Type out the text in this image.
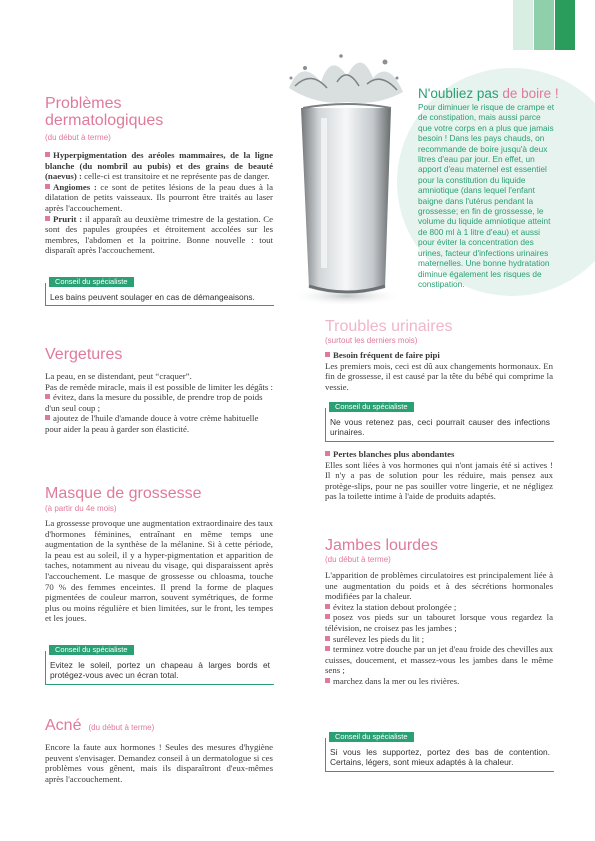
Problèmes
dermatologiques
(du début à terme)

Hyperpigmentation des aréoles mammaires, de la ligne blanche (du nombril au pubis) et des grains de beauté (naevus) : celle-ci est transitoire et ne représente pas de danger.

Angiomes : ce sont de petites lésions de la peau dues à la dilatation de petits vaisseaux. Ils pourront être traités au laser après l'accouchement.

Prurit : il apparaît au deuxième trimestre de la gestation. Ce sont des papules groupées et étroitement accolées sur les membres, l'abdomen et la poitrine. Bonne nouvelle : tout disparaît après l'accouchement.

Conseil du spécialiste
Les bains peuvent soulager en cas de démangeaisons.
Vergetures

La peau, en se distendant, peut “craquer”.

Pas de remède miracle, mais il est possible de limiter les dégâts :

évitez, dans la mesure du possible, de prendre trop de poids d'un seul coup ;

ajoutez de l'huile d'amande douce à votre crème habituelle pour aider la peau à garder son élasticité.

Masque de grossesse
(à partir du 4e mois)

La grossesse provoque une augmentation extraordinaire des taux d'hormones féminines, entraînant en même temps une augmentation de la synthèse de la mélanine. Si à cette période, la peau est au soleil, il y a hyper-pigmentation et apparition de taches, notamment au niveau du visage, qui disparaissent après l'accouchement. Le masque de grossesse ou chloasma, touche 70 % des femmes enceintes. Il prend la forme de plaques pigmentées de couleur marron, souvent symétriques, de forme plus ou moins régulière et bien limitées, sur le front, les tempes et les joues.

Conseil du spécialiste
Evitez le soleil, portez un chapeau à larges bords et protégez-vous avec un écran total.
Acné (du début à terme)

Encore la faute aux hormones ! Seules des mesures d'hygiène peuvent s'envisager. Demandez conseil à un dermatologue si ces problèmes vous gênent, mais ils disparaîtront d'eux-mêmes après l'accouchement.

N'oubliez pas de boire !
Pour diminuer le risque de crampe et de constipation, mais aussi parce que votre corps en a plus que jamais besoin ! Dans les pays chauds, on recommande de boire jusqu'à deux litres d'eau par jour. En effet, un apport d'eau maternel est essentiel pour la constitution du liquide amniotique (dans lequel l'enfant baigne dans l'utérus pendant la grossesse; en fin de grossesse, le volume du liquide amniotique atteint de 800 ml à 1 litre d'eau) et aussi pour éviter la concentration des urines, facteur d'infections urinaires maternelles. Une bonne hydratation diminue également les risques de constipation.
Troubles urinaires
(surtout les derniers mois)

Besoin fréquent de faire pipi

Les premiers mois, ceci est dû aux changements hormonaux. En fin de grossesse, il est causé par la tête du bébé qui comprime la vessie.

Conseil du spécialiste
Ne vous retenez pas, ceci pourrait causer des infections urinaires.

Pertes blanches plus abondantes

Elles sont liées à vos hormones qui n'ont jamais été si actives ! Il n'y a pas de solution pour les réduire, mais pensez aux protège-slips, pour ne pas souiller votre lingerie, et ne négligez pas la toilette intime à l'aide de produits adaptés.

Jambes lourdes
(du début à terme)

L'apparition de problèmes circulatoires est principalement liée à une augmentation du poids et à des sécrétions hormonales modifiées par la chaleur.

évitez la station debout prolongée ;

posez vos pieds sur un tabouret lorsque vous regardez la télévision, ne croisez pas les jambes ;

surélevez les pieds du lit ;

terminez votre douche par un jet d'eau froide des chevilles aux cuisses, doucement, et massez-vous les jambes dans le même sens ;

marchez dans la mer ou les rivières.

Conseil du spécialiste
Si vous les supportez, portez des bas de contention. Certains, légers, sont mieux adaptés à la chaleur.
